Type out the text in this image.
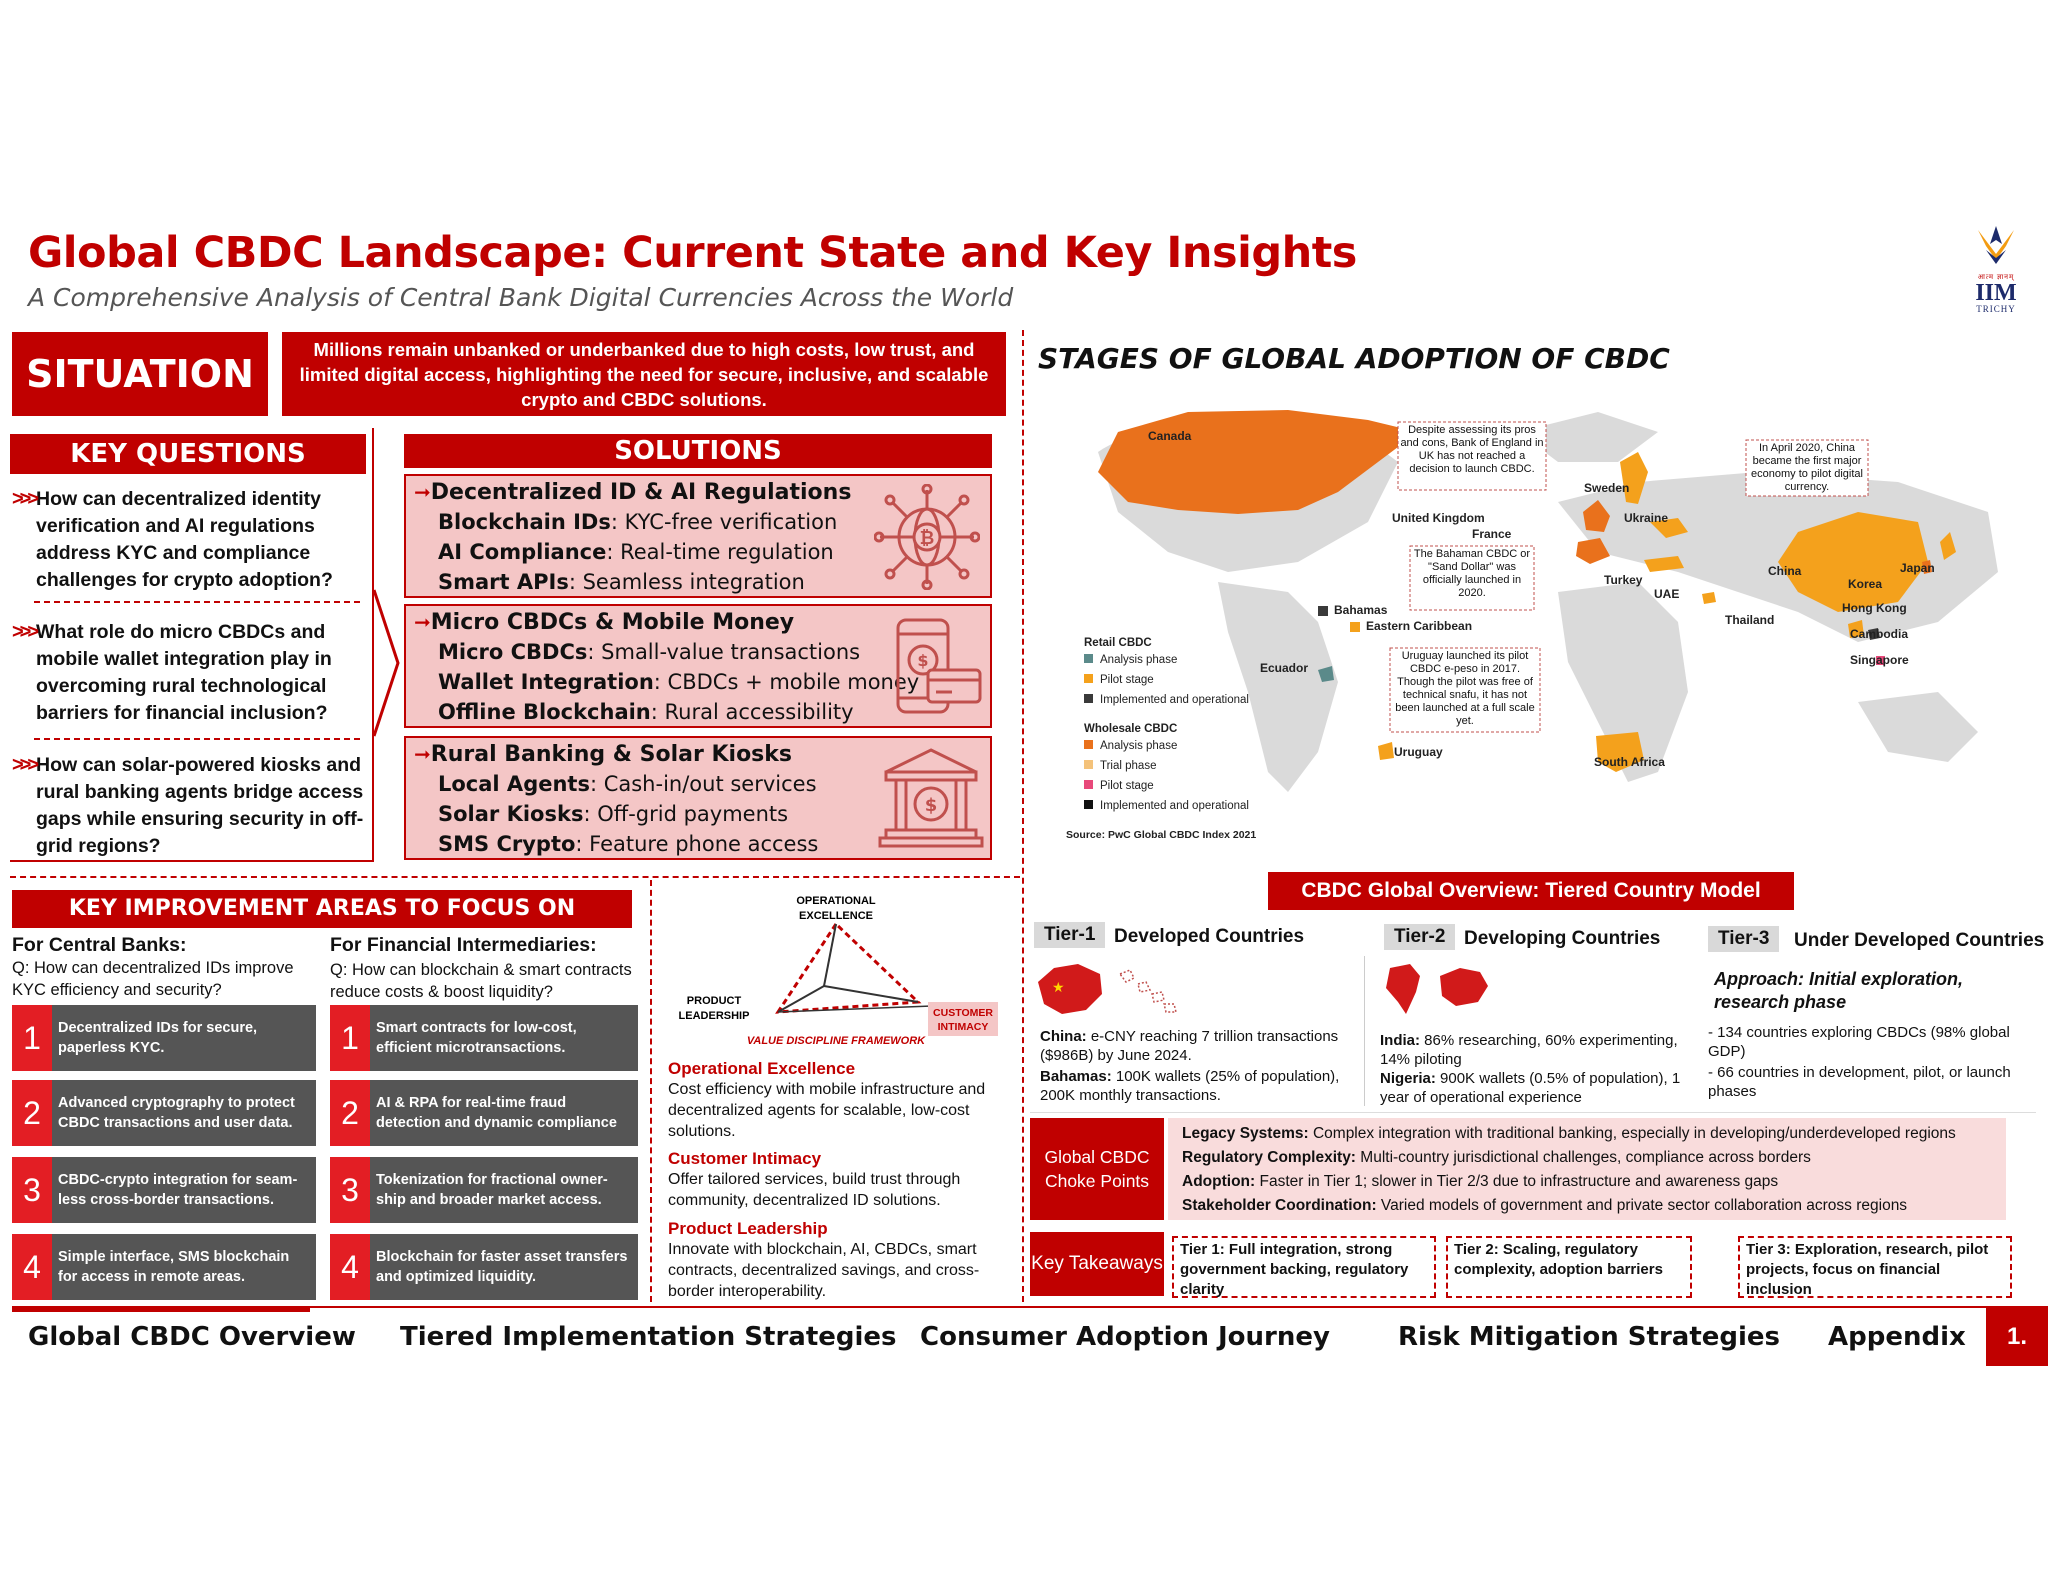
Global CBDC Landscape: Current State and Key Insights
A Comprehensive Analysis of Central Bank Digital Currencies Across the World
आत्म ज्ञानम्
IIM
TRICHY
SITUATION
Millions remain unbanked or underbanked due to high costs, low trust, and limited digital access, highlighting the need for secure, inclusive, and scalable crypto and CBDC solutions.
KEY QUESTIONS
>>> How can decentralized identity verification and AI regulations address KYC and compliance challenges for crypto adoption?
>>> What role do micro CBDCs and mobile wallet integration play in overcoming rural technological barriers for financial inclusion?
>>> How can solar-powered kiosks and rural banking agents bridge access gaps while ensuring security in off-grid regions?
SOLUTIONS
➞Decentralized ID & AI Regulations
Blockchain IDs: KYC-free verification
AI Compliance: Real-time regulation
Smart APIs: Seamless integration
₿
➞Micro CBDCs & Mobile Money
Micro CBDCs: Small-value transactions
Wallet Integration: CBDCs + mobile money
Offline Blockchain: Rural accessibility
$
➞Rural Banking & Solar Kiosks
Local Agents: Cash-in/out services
Solar Kiosks: Off-grid payments
SMS Crypto: Feature phone access
$
KEY IMPROVEMENT AREAS TO FOCUS ON
For Central Banks:
Q: How can decentralized IDs improve KYC efficiency and security?
For Financial Intermediaries:
Q: How can blockchain & smart contracts reduce costs & boost liquidity?
1	Decentralized IDs for secure, paperless KYC.
2	Advanced cryptography to protect CBDC transactions and user data.
3	CBDC-crypto integration for seam-less cross-border transactions.
4	Simple interface, SMS blockchain for access in remote areas.
1	Smart contracts for low-cost, efficient microtransactions.
2	AI & RPA for real-time fraud detection and dynamic compliance
3	Tokenization for fractional owner-ship and broader market access.
4	Blockchain for faster asset transfers and optimized liquidity.
OPERATIONAL
EXCELLENCE
PRODUCT
LEADERSHIP	CUSTOMER
INTIMACY
VALUE DISCIPLINE FRAMEWORK
Operational Excellence
Cost efficiency with mobile infrastructure and decentralized agents for scalable, low-cost solutions.
Customer Intimacy
Offer tailored services, build trust through community, decentralized ID solutions.
Product Leadership
Innovate with blockchain, AI, CBDCs, smart contracts, decentralized savings, and cross-border interoperability.
STAGES OF GLOBAL ADOPTION OF CBDC
Canada
United Kingdom
France
Sweden
Ukraine
Turkey
UAE
China	Japan
Korea
Hong Kong
Thailand
Cambodia
Singapore
Bahamas
Eastern Caribbean
Ecuador
Uruguay
South Africa
Despite assessing its pros and cons, Bank of England in UK has not reached a decision to launch CBDC.
In April 2020, China became the first major economy to pilot digital currency.
The Bahaman CBDC or "Sand Dollar" was officially launched in 2020.
Uruguay launched its pilot CBDC e-peso in 2017. Though the pilot was free of technical snafu, it has not been launched at a full scale yet.
Retail CBDC
Analysis phase
Pilot stage
Implemented and operational
Wholesale CBDC
Analysis phase
Trial phase
Pilot stage
Implemented and operational
Source: PwC Global CBDC Index 2021
CBDC Global Overview: Tiered Country Model
Tier-1 Developed Countries
★
China: e-CNY reaching 7 trillion transactions ($986B) by June 2024.
Bahamas: 100K wallets (25% of population), 200K monthly transactions.
Tier-2 Developing Countries
India: 86% researching, 60% experimenting, 14% piloting
Nigeria: 900K wallets (0.5% of population), 1 year of operational experience
Tier-3	Under Developed Countries
Approach: Initial exploration, research phase
- 134 countries exploring CBDCs (98% global GDP)
- 66 countries in development, pilot, or launch phases
Global CBDC Choke Points
Legacy Systems: Complex integration with traditional banking, especially in developing/underdeveloped regions
Regulatory Complexity: Multi-country jurisdictional challenges, compliance across borders
Adoption: Faster in Tier 1; slower in Tier 2/3 due to infrastructure and awareness gaps
Stakeholder Coordination: Varied models of government and private sector collaboration across regions
Key Takeaways
Tier 1: Full integration, strong government backing, regulatory clarity
Tier 2: Scaling, regulatory complexity, adoption barriers
Tier 3: Exploration, research, pilot projects, focus on financial inclusion
Global CBDC Overview Tiered Implementation Strategies Consumer Adoption Journey	Risk Mitigation Strategies Appendix	1.
